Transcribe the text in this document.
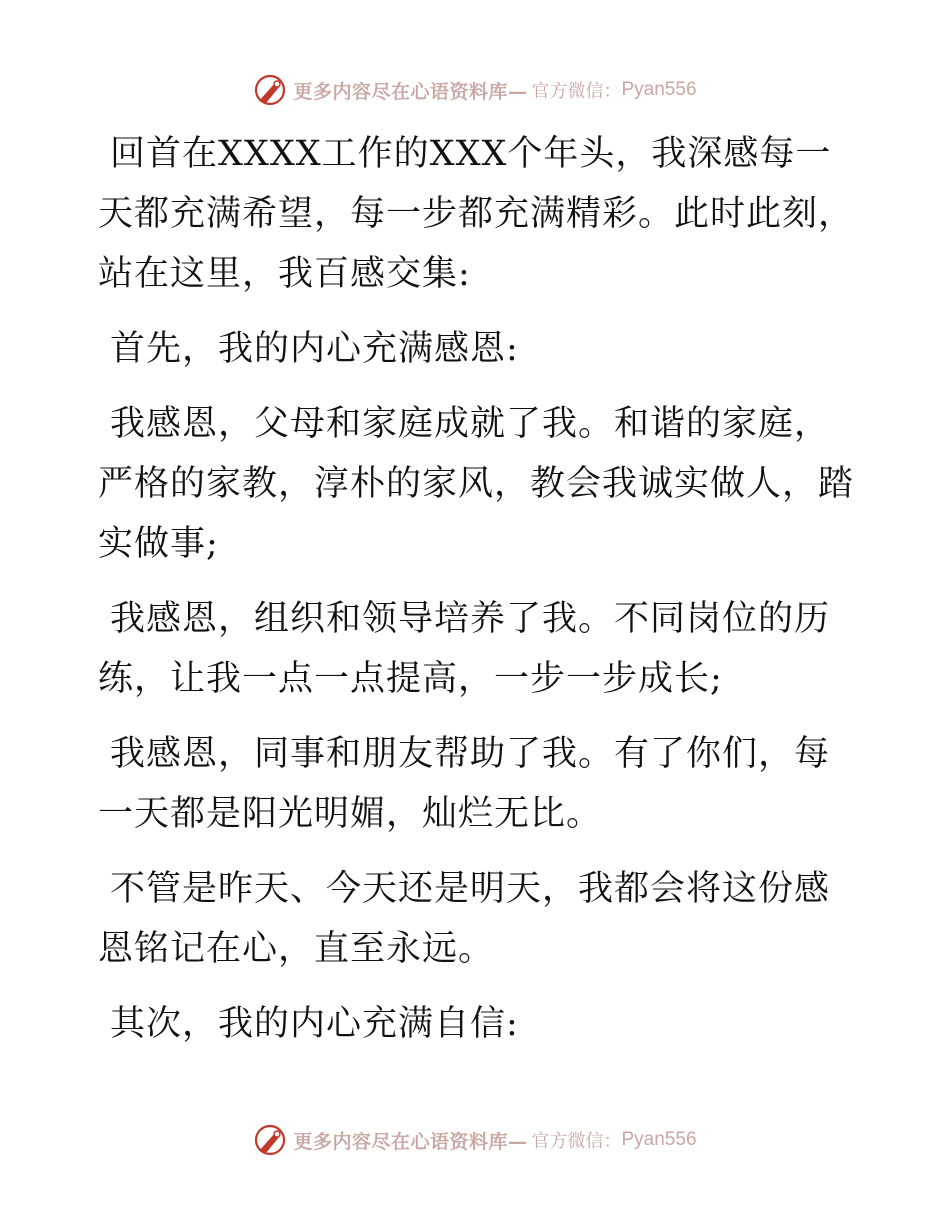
更多内容尽在心语资料库— 官方微信： Pyan556

回首在XXXX工作的XXX个年头，我深感每一天都充满希望，每一步都充满精彩。此时此刻，站在这里，我百感交集:

首先，我的内心充满感恩:

我感恩，父母和家庭成就了我。和谐的家庭，严格的家教，淳朴的家风，教会我诚实做人，踏实做事;

我感恩，组织和领导培养了我。不同岗位的历练，让我一点一点提高，一步一步成长;

我感恩，同事和朋友帮助了我。有了你们，每一天都是阳光明媚，灿烂无比。

不管是昨天、今天还是明天，我都会将这份感恩铭记在心，直至永远。

其次，我的内心充满自信:

更多内容尽在心语资料库— 官方微信： Pyan556
